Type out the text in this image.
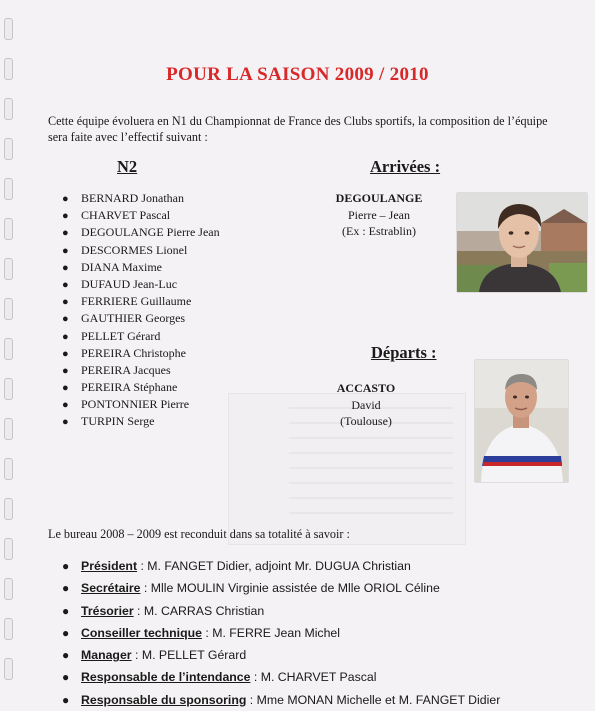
POUR LA SAISON 2009 / 2010

Cette équipe évoluera en N1 du Championnat de France des Clubs sportifs, la composition de l’équipe sera faite avec l’effectif suivant :

N2	Arrivées :
● BERNARD Jonathan
● CHARVET Pascal
● DEGOULANGE Pierre Jean
● DESCORMES Lionel
● DIANA Maxime
● DUFAUD Jean-Luc
● FERRIERE Guillaume
● GAUTHIER Georges
● PELLET Gérard
● PEREIRA Christophe
● PEREIRA Jacques
● PEREIRA Stéphane
● PONTONNIER Pierre
● TURPIN Serge
DEGOULANGE
Pierre – Jean
(Ex : Estrablin)
Départs :
ACCASTO
David
(Toulouse)

Le bureau 2008 – 2009 est reconduit dans sa totalité à savoir :

● Président : M. FANGET Didier, adjoint Mr. DUGUA Christian
● Secrétaire : Mlle MOULIN Virginie assistée de Mlle ORIOL Céline
● Trésorier : M. CARRAS Christian
● Conseiller technique : M. FERRE Jean Michel
● Manager : M. PELLET Gérard
● Responsable de l’intendance : M. CHARVET Pascal
● Responsable du sponsoring : Mme MONAN Michelle et M. FANGET Didier
